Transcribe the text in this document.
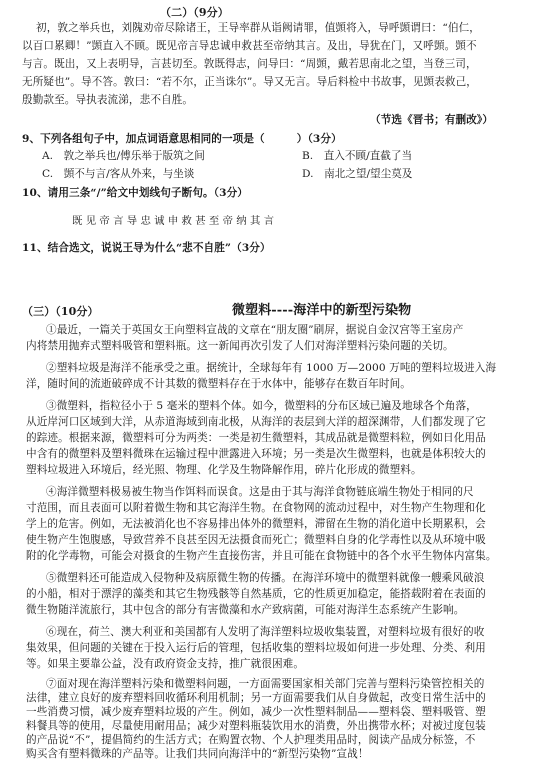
（二）（9分）
初，敦之举兵也，刘隗劝帝尽除诸王，王导率群从诣阙请罪，值顗将入，导呼顗谓曰：“伯仁，
以百口累卿！”顗直入不顾。既见帝言导忠诚申救甚至帝纳其言。及出，导犹在门，又呼顗。顗不
与言。既出，又上表明导，言甚切至。敦既得志，问导曰：“周顗，戴若思南北之望，当登三司，
无所疑也”。导不答。敦曰：“若不尔，正当诛尔”。导又无言。导后料检中书故事，见顗表救己，
殷勤款至。导执表流涕，悲不自胜。
（节选《晋书；有删改》）
9、下列各组句子中，加点词语意思相同的一项是（　　　）（3分）
A.　敦之举兵也/傅乐举于版筑之间	B.　直入不顾/直截了当
C.　顗不与言/客从外来，与坐谈	D.　南北之望/望尘莫及
10、请用三条“/”给文中划线句子断句。（3分）
既见帝言导忠诚申救甚至帝纳其言
11、结合选文，说说王导为什么“悲不自胜”（3分）
（三）（10分）	微塑料----海洋中的新型污染物
①最近，一篇关于英国女王向塑料宣战的文章在“朋友圈”刷屏，据说自金汉宫等王室房产
内将禁用抛弃式塑料吸管和塑料瓶。这一新闻再次引发了人们对海洋塑料污染问题的关切。
②塑料垃圾是海洋不能承受之重。据统计，全球每年有 1000 万—2000 万吨的塑料垃圾进入海
洋，随时间的流逝破碎成不计其数的微塑料存在于水体中，能够存在数百年时间。
③微塑料，指粒径小于 5 毫米的塑料个体。如今，微塑料的分布区域已遍及地球各个角落，
从近岸河口区域到大洋，从赤道海域到南北极，从海洋的表层到大洋的超深渊带，人们都发现了它
的踪迹。根据来源，微塑料可分为两类：一类是初生微塑料，其成品就是微塑料粒，例如日化用品
中含有的微塑料及塑料微珠在运输过程中泄露进入环境；另一类是次生微塑料，也就是体积较大的
塑料垃圾进入环境后，经光照、物理、化学及生物降解作用，碎片化形成的微塑料。
④海洋微塑料极易被生物当作饵料而误食。这是由于其与海洋食物链底端生物处于相同的尺
寸范围，而且表面可以附着微生物和其它海洋生物。在食物网的流动过程中，对生物产生物理和化
学上的危害。例如，无法被消化也不容易排出体外的微塑料，滞留在生物的消化道中长期累积，会
使生物产生饱腹感，导致营养不良甚至因无法摄食而死亡；微塑料自身的化学毒性以及从环境中吸
附的化学毒物，可能会对摄食的生物产生直接伤害，并且可能在食物链中的各个水平生物体内富集。
⑤微塑料还可能造成入侵物种及病原微生物的传播。在海洋环境中的微塑料就像一艘乘风破浪
的小船，相对于漂浮的藻类和其它生物残骸等自然基质，它的性质更加稳定，能搭载附着在表面的
微生物随洋流旅行，其中包含的部分有害微藻和水产致病菌，可能对海洋生态系统产生影响。
⑥现在，荷兰、澳大利亚和美国都有人发明了海洋塑料垃圾收集装置，对塑料垃圾有很好的收
集效果，但问题的关键在于投入运行后的管理，包括收集的塑料垃圾如何进一步处理、分类、利用
等。如果主要靠公益，没有政府资金支持，推广就很困难。
⑦面对现在海洋塑料污染和微塑料问题，一方面需要国家相关部门完善与塑料污染管控相关的
法律，建立良好的废弃塑料回收循环利用机制；另一方面需要我们从自身做起，改变日常生活中的
一些消费习惯，减少废弃塑料垃圾的产生。例如，减少一次性塑料制品——塑料袋、塑料吸管、塑
料餐具等的使用，尽量使用耐用品；减少对塑料瓶装饮用水的消费，外出携带水杯；对被过度包装
的产品说“不”，提倡简约的生活方式；在购置衣物、个人护理类用品时，阅读产品成分标签，不
购买含有塑料微珠的产品等。让我们共同向海洋中的“新型污染物”宣战！
